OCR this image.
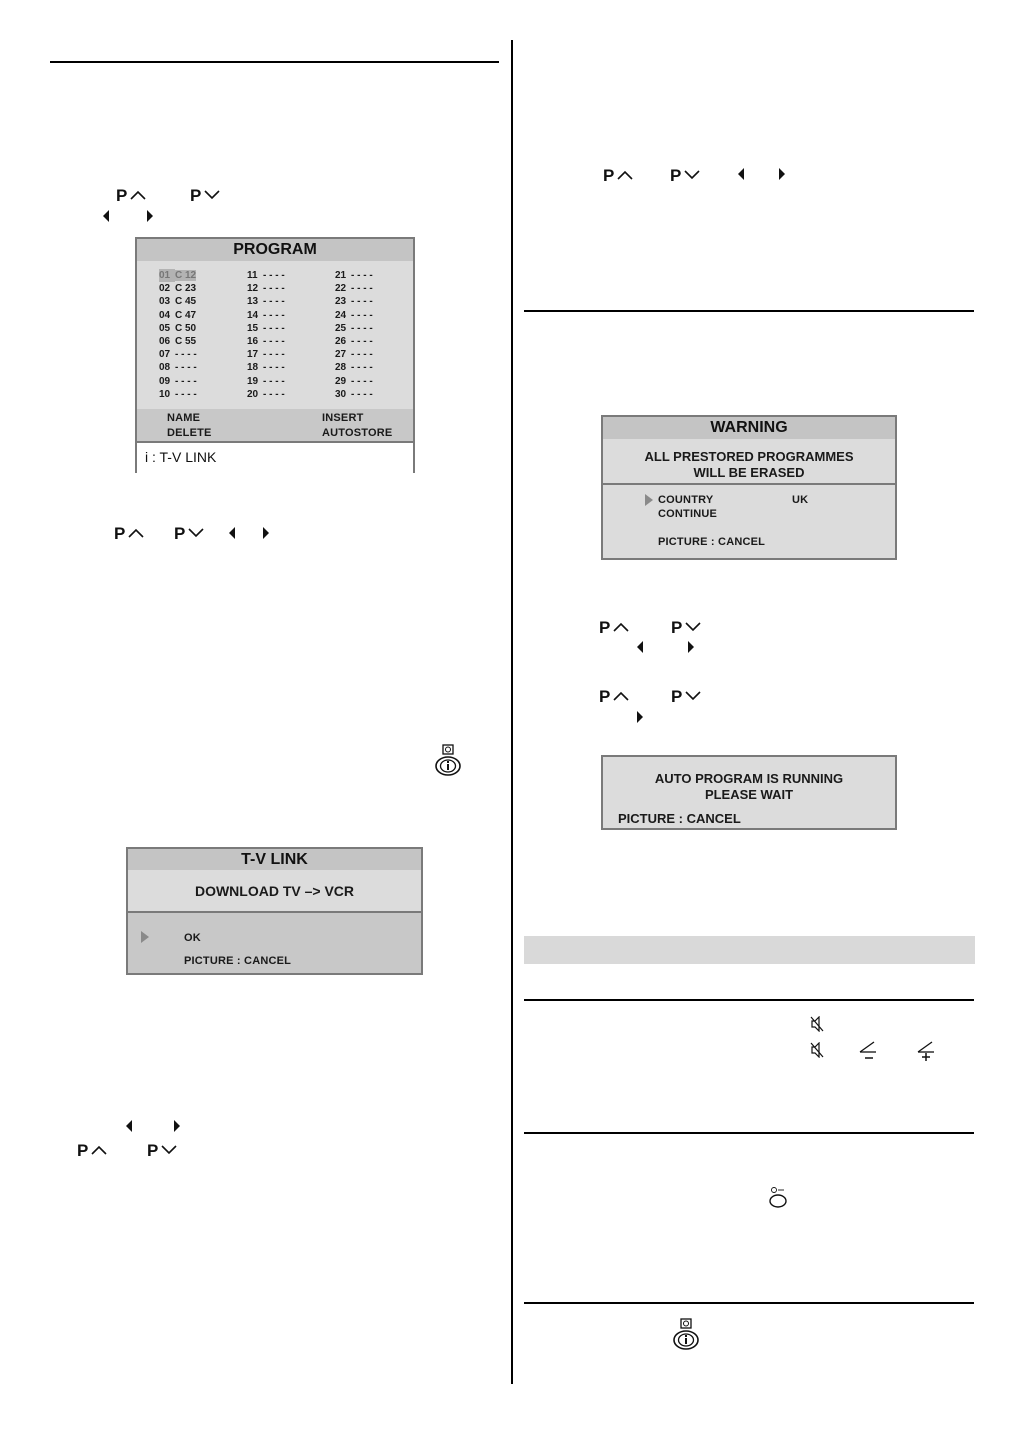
P	P
PROGRAM
01 C 12
02 C 23
03 C 45
04 C 47
05 C 50
06 C 55
07 - - - -
08 - - - -
09 - - - -
10 - - - -
11 - - - -
12 - - - -
13 - - - -
14 - - - -
15 - - - -
16 - - - -
17 - - - -
18 - - - -
19 - - - -
20 - - - -
21 - - - -
22 - - - -
23 - - - -
24 - - - -
25 - - - -
26 - - - -
27 - - - -
28 - - - -
29 - - - -
30 - - - -
NAME
DELETE
INSERT
AUTOSTORE
i : T-V LINK
P	P
T-V LINK
DOWNLOAD TV –> VCR
OK
PICTURE : CANCEL
P	P
P	P
WARNING
ALL PRESTORED PROGRAMMES
WILL BE ERASED
COUNTRY	UK
CONTINUE
PICTURE : CANCEL
P	P
P	P
AUTO PROGRAM IS RUNNING
PLEASE WAIT
PICTURE : CANCEL
